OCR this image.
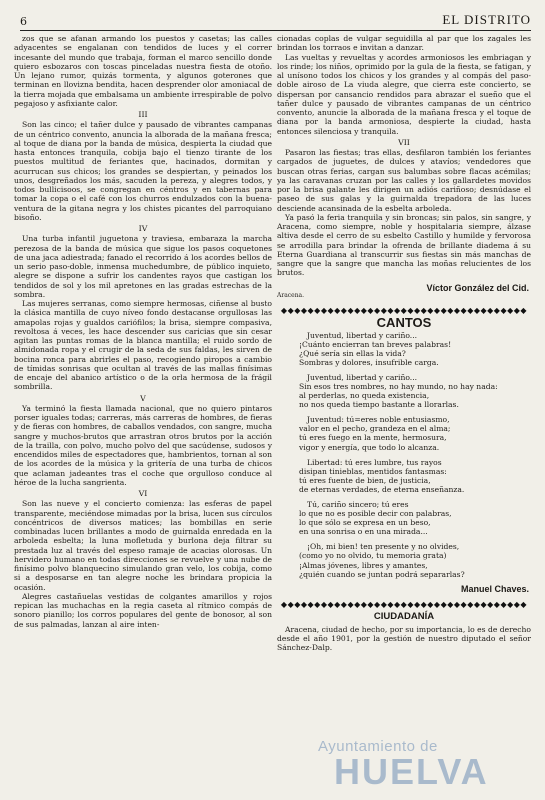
6	EL DISTRITO

zos que se afanan armando los puestos y casetas; las calles adyacentes se engalanan con tendidos de luces y el correr incesante del mundo que trabaja, forman el marco sencillo donde quiero esbozaros con toscas pinceladas nuestra fiesta de otoño. Un lejano rumor, quizás tormenta, y algunos goterones que terminan en llovizna bendita, hacen desprender olor amoniacal de la tierra mojada que embalsama un ambiente irrespirable de polvo pegajoso y asfixiante calor.

III

Son las cinco; el tañer dulce y pausado de vibrantes campanas de un céntrico convento, anuncia la alborada de la mañana fresca; al toque de diana por la banda de música, despierta la ciudad que hasta entonces tranquila, cobija bajo el tienzo tirante de los puestos multitud de feriantes que, hacinados, dormitan y acurrucan sus chicos; los grandes se despiertan, y peinados los unos, desgreñados los más, sacuden la pereza, y alegres todos, y todos bullicisoos, se congregan en céntros y en tabernas para tomar la copa o el café con los churros endulzados con la buena-ventura de la gitana negra y los chistes picantes del parroquiano bisoño.

IV

Una turba infantil juguetona y traviesa, embaraza la marcha perezosa de la banda de música que sigue los pasos coquetones de una jaca adiestrada; fanado el recorrido á los acordes bellos de un serio paso-doble, inmensa muchedumbre, de público inquieto, alegre se dispone a sufrir los candentes rayos que castigan los tendidos de sol y los mil apretones en las gradas estrechas de la sombra.

Las mujeres serranas, como siempre hermosas, ciñense al busto la clásica mantilla de cuyo níveo fondo destacanse orgullosas las amapolas rojas y gualdos cariófilos; la brisa, siempre compasiva, revoltosa á veces, les hace descender sus caricias que sin cesar agitan las puntas romas de la blanca mantilla; el ruido sordo de almidonada ropa y el crugir de la seda de sus faldas, les sirven de bocina ronca para abrirles el paso, recogiendo piropos a cambio de tímidas sonrisas que ocultan al través de las mallas finísimas de encaje del abanico artístico o de la orla hermosa de la frágil sombrilla.

V

Ya terminó la fiesta llamada nacional, que no quiero pintaros porser iguales todas; carreras, más carreras de hombres, de fieras y de fieras con hombres, de caballos vendados, con sangre, mucha sangre y muchos-brutos que arrastran otros brutos por la acción de la trailla, con polvo, mucho polvo del que sacúdense, sudosos y encendidos miles de espectadores que, hambrientos, tornan al son de los acordes de la música y la gritería de una turba de chicos que aclaman jadeantes tras el coche que orgulloso conduce al héroe de la lucha sangrienta.

VI

Son las nueve y el concierto comienza: las esferas de papel transparente, meciéndose mimadas por la brisa, lucen sus círculos concéntricos de diversos matices; las bombillas en serie combinadas lucen brillantes a modo de guirnalda enredada en la arboleda esbelta; la luna mofletuda y burlona deja filtrar su prestada luz al través del espeso ramaje de acacias olorosas. Un hervidero humano en todas direcciones se revuelve y una nube de finísimo polvo blanquecino simulando gran velo, los cobija, como si a desposarse en tan alegre noche les brindara propicia la ocasión.

Alegres castañuelas vestidas de colgantes amarillos y rojos repican las muchachas en la regia caseta al rítmico compás de sonoro pianillo; los corros populares del gente de bonosor, al son de sus palmadas, lanzan al aire inten-

cionadas coplas de vulgar seguidilla al par que los zagales les brindan los torraos e invitan a danzar.

Las vueltas y revueltas y acordes armoniosos les embriagan y los rinde; los niños, oprimido por la gula de la fiesta, se fatigan, y al unísono todos los chicos y los grandes y al compás del paso-doble airoso de La viuda alegre, que cierra este concierto, se dispersan por cansancio rendidos para abrazar el sueño que el tañer dulce y pausado de vibrantes campanas de un céntrico convento, anuncie la alborada de la mañana fresca y el toque de diana por la banda armoniosa, despierte la ciudad, hasta entonces silenciosa y tranquila.

VII

Pasaron las fiestas; tras ellas, desfilaron también los feriantes cargados de juguetes, de dulces y atavíos; vendedores que buscan otras ferias, cargan sus balumbas sobre flacas acémilas; ya las caravanas cruzan por las calles y los gallardetes movidos por la brisa galante les dirigen un adiós cariñoso; desnúdase el paseo de sus galas y la guirnalda trepadora de las luces desciende acansinada de la esbelta arboleda.

Ya pasó la feria tranquila y sin broncas; sin palos, sin sangre, y Aracena, como siempre, noble y hospitalaria siempre, álzase altiva desde el cerro de su esbelto Castillo y humilde y fervorosa se arrodilla para brindar la ofrenda de brillante diadema á su Eterna Guardiana al transcurrir sus fiestas sin más manchas de sangre que la sangre que mancha las moñas relucientes de los brutos.

Víctor González del Cid.
Aracena.
◆◆◆◆◆◆◆◆◆◆◆◆◆◆◆◆◆◆◆◆◆◆◆◆◆◆◆◆◆◆◆◆◆◆◆◆◆
CANTOS
Juventud, libertad y cariño...
¡Cuánto encierran tan breves palabras!
¿Qué sería sin ellas la vida?
Sombras y dolores, insufrible carga.
Juventud, libertad y cariño...
Sin esos tres nombres, no hay mundo, no hay nada:
al perderlas, no queda existencia,
no nos queda tiempo bastante a llorarlas.
Juventud: tú=eres noble entusiasmo,
valor en el pecho, grandeza en el alma;
tú eres fuego en la mente, hermosura,
vigor y energía, que todo lo alcanza.
Libertad: tú eres lumbre, tus rayos
disipan tinieblas, mentidos fantasmas:
tú eres fuente de bien, de justicia,
de eternas verdades, de eterna enseñanza.
Tú, cariño sincero; tú eres
lo que no es posible decir con palabras,
lo que sólo se expresa en un beso,
en una sonrisa o en una mirada...
¡Oh, mi bien! ten presente y no olvides,
(como yo no olvido, tu memoria grata)
¡Almas jóvenes, libres y amantes,
¿quién cuando se juntan podrá separarlas?
Manuel Chaves.
◆◆◆◆◆◆◆◆◆◆◆◆◆◆◆◆◆◆◆◆◆◆◆◆◆◆◆◆◆◆◆◆◆◆◆◆◆
CIUDADANÍA

Aracena, ciudad de hecho, por su importancia, lo es de derecho desde el año 1901, por la gestión de nuestro diputado el señor Sánchez-Dalp.

Ayuntamiento de
HUELVA
